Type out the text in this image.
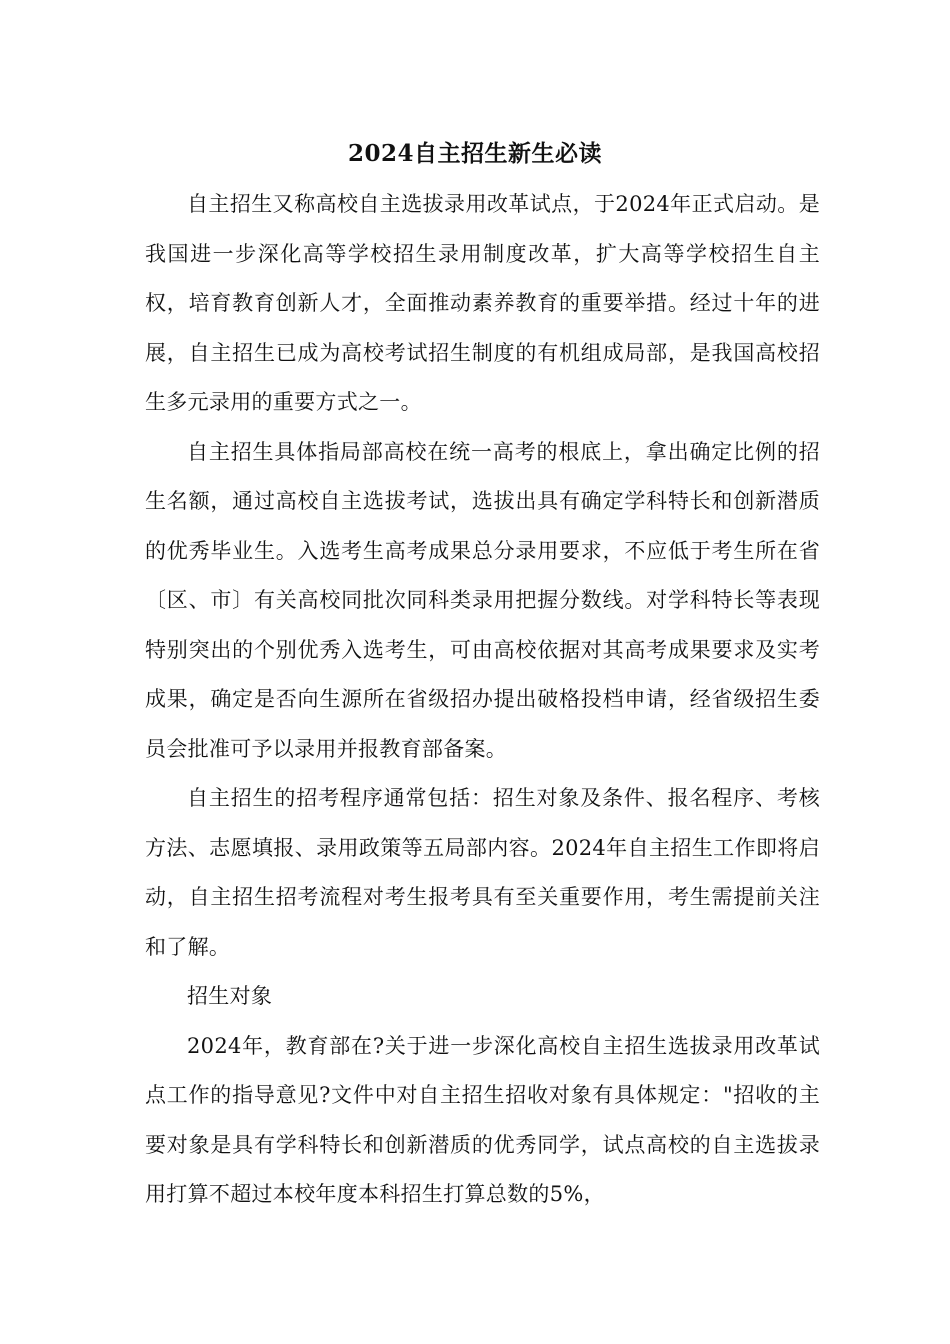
2024自主招生新生必读

自主招生又称高校自主选拔录用改革试点，于2024年正式启动。是我国进一步深化高等学校招生录用制度改革，扩大高等学校招生自主权，培育教育创新人才，全面推动素养教育的重要举措。经过十年的进展，自主招生已成为高校考试招生制度的有机组成局部，是我国高校招生多元录用的重要方式之一。

自主招生具体指局部高校在统一高考的根底上，拿出确定比例的招生名额，通过高校自主选拔考试，选拔出具有确定学科特长和创新潜质的优秀毕业生。入选考生高考成果总分录用要求，不应低于考生所在省〔区、市〕有关高校同批次同科类录用把握分数线。对学科特长等表现特别突出的个别优秀入选考生，可由高校依据对其高考成果要求及实考成果，确定是否向生源所在省级招办提出破格投档申请，经省级招生委员会批准可予以录用并报教育部备案。

自主招生的招考程序通常包括：招生对象及条件、报名程序、考核方法、志愿填报、录用政策等五局部内容。2024年自主招生工作即将启动，自主招生招考流程对考生报考具有至关重要作用，考生需提前关注和了解。

招生对象

2024年，教育部在?关于进一步深化高校自主招生选拔录用改革试点工作的指导意见?文件中对自主招生招收对象有具体规定："招收的主要对象是具有学科特长和创新潜质的优秀同学，试点高校的自主选拔录用打算不超过本校年度本科招生打算总数的5%，
